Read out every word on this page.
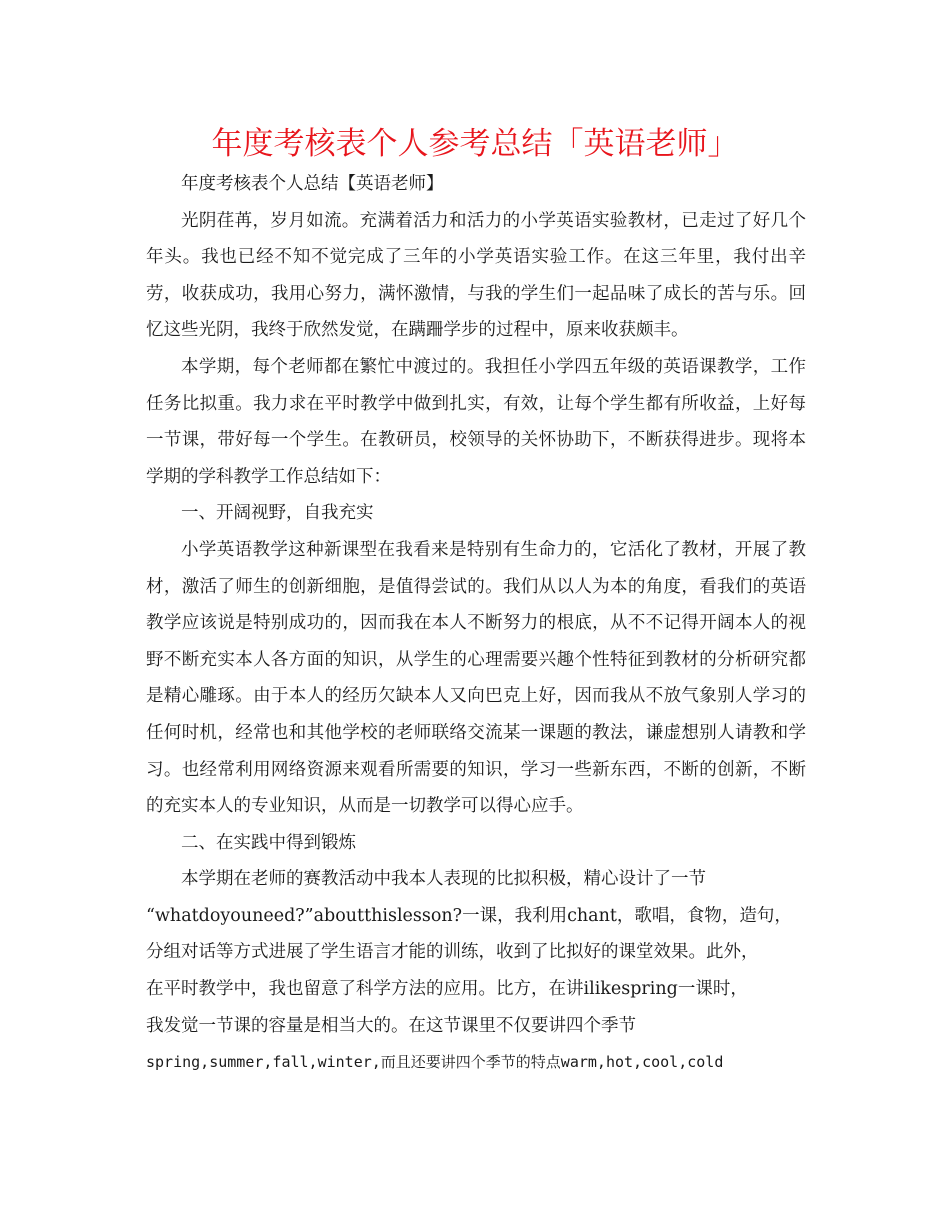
年度考核表个人参考总结「英语老师」

年度考核表个人总结【英语老师】

光阴荏苒，岁月如流。充满着活力和活力的小学英语实验教材，已走过了好几个年头。我也已经不知不觉完成了三年的小学英语实验工作。在这三年里，我付出辛劳，收获成功，我用心努力，满怀激情，与我的学生们一起品味了成长的苦与乐。回忆这些光阴，我终于欣然发觉，在蹒跚学步的过程中，原来收获颇丰。

本学期，每个老师都在繁忙中渡过的。我担任小学四五年级的英语课教学，工作任务比拟重。我力求在平时教学中做到扎实，有效，让每个学生都有所收益，上好每一节课，带好每一个学生。在教研员，校领导的关怀协助下，不断获得进步。现将本学期的学科教学工作总结如下：

一、开阔视野，自我充实

小学英语教学这种新课型在我看来是特别有生命力的，它活化了教材，开展了教材，激活了师生的创新细胞，是值得尝试的。我们从以人为本的角度，看我们的英语教学应该说是特别成功的，因而我在本人不断努力的根底，从不不记得开阔本人的视野不断充实本人各方面的知识，从学生的心理需要兴趣个性特征到教材的分析研究都是精心雕琢。由于本人的经历欠缺本人又向巴克上好，因而我从不放气象别人学习的任何时机，经常也和其他学校的老师联络交流某一课题的教法，谦虚想别人请教和学习。也经常利用网络资源来观看所需要的知识，学习一些新东西，不断的创新，不断的充实本人的专业知识，从而是一切教学可以得心应手。

二、在实践中得到锻炼

本学期在老师的赛教活动中我本人表现的比拟积极，精心设计了一节

“whatdoyouneed?”aboutthislesson?一课，我利用chant，歌唱，食物，造句，

分组对话等方式进展了学生语言才能的训练，收到了比拟好的课堂效果。此外，

在平时教学中，我也留意了科学方法的应用。比方，在讲ilikespring一课时，

我发觉一节课的容量是相当大的。在这节课里不仅要讲四个季节

spring,summer,fall,winter,而且还要讲四个季节的特点warm,hot,cool,cold
